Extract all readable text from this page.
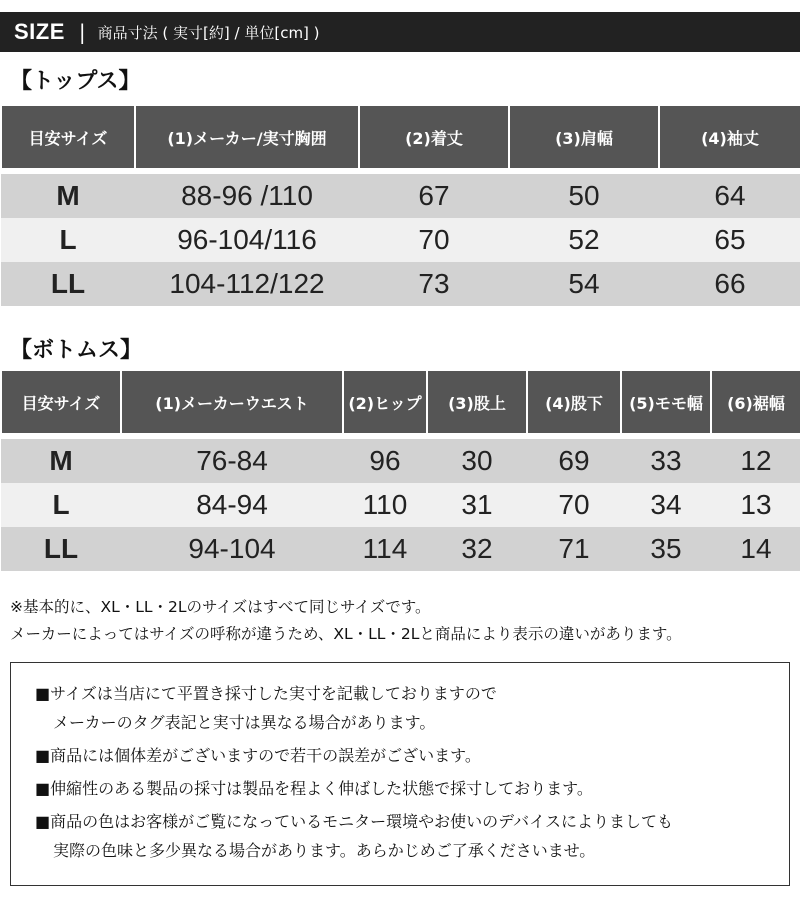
SIZE | 商品寸法 ( 実寸[約] / 単位[cm] )
【トップス】
目安サイズ	(1)メーカー/実寸胸囲	(2)着丈	(3)肩幅	(4)袖丈

M	88-96 /110	67	50	64
L	96-104/116	70	52	65
LL	104-112/122	73	54	66
【ボトムス】
目安サイズ	(1)メーカーウエスト	(2)ヒップ	(3)股上	(4)股下	(5)モモ幅	(6)裾幅

M	76-84	96	30	69	33	12
L	84-94	110	31	70	34	13
LL	94-104	114	32	71	35	14
※基本的に、XL・LL・2Lのサイズはすべて同じサイズです。
メーカーによってはサイズの呼称が違うため、XL・LL・2Lと商品により表示の違いがあります。
■サイズは当店にて平置き採寸した実寸を記載しておりますので
メーカーのタグ表記と実寸は異なる場合があります。
■商品には個体差がございますので若干の誤差がございます。
■伸縮性のある製品の採寸は製品を程よく伸ばした状態で採寸しております。
■商品の色はお客様がご覧になっているモニター環境やお使いのデバイスによりましても
実際の色味と多少異なる場合があります。あらかじめご了承くださいませ。
